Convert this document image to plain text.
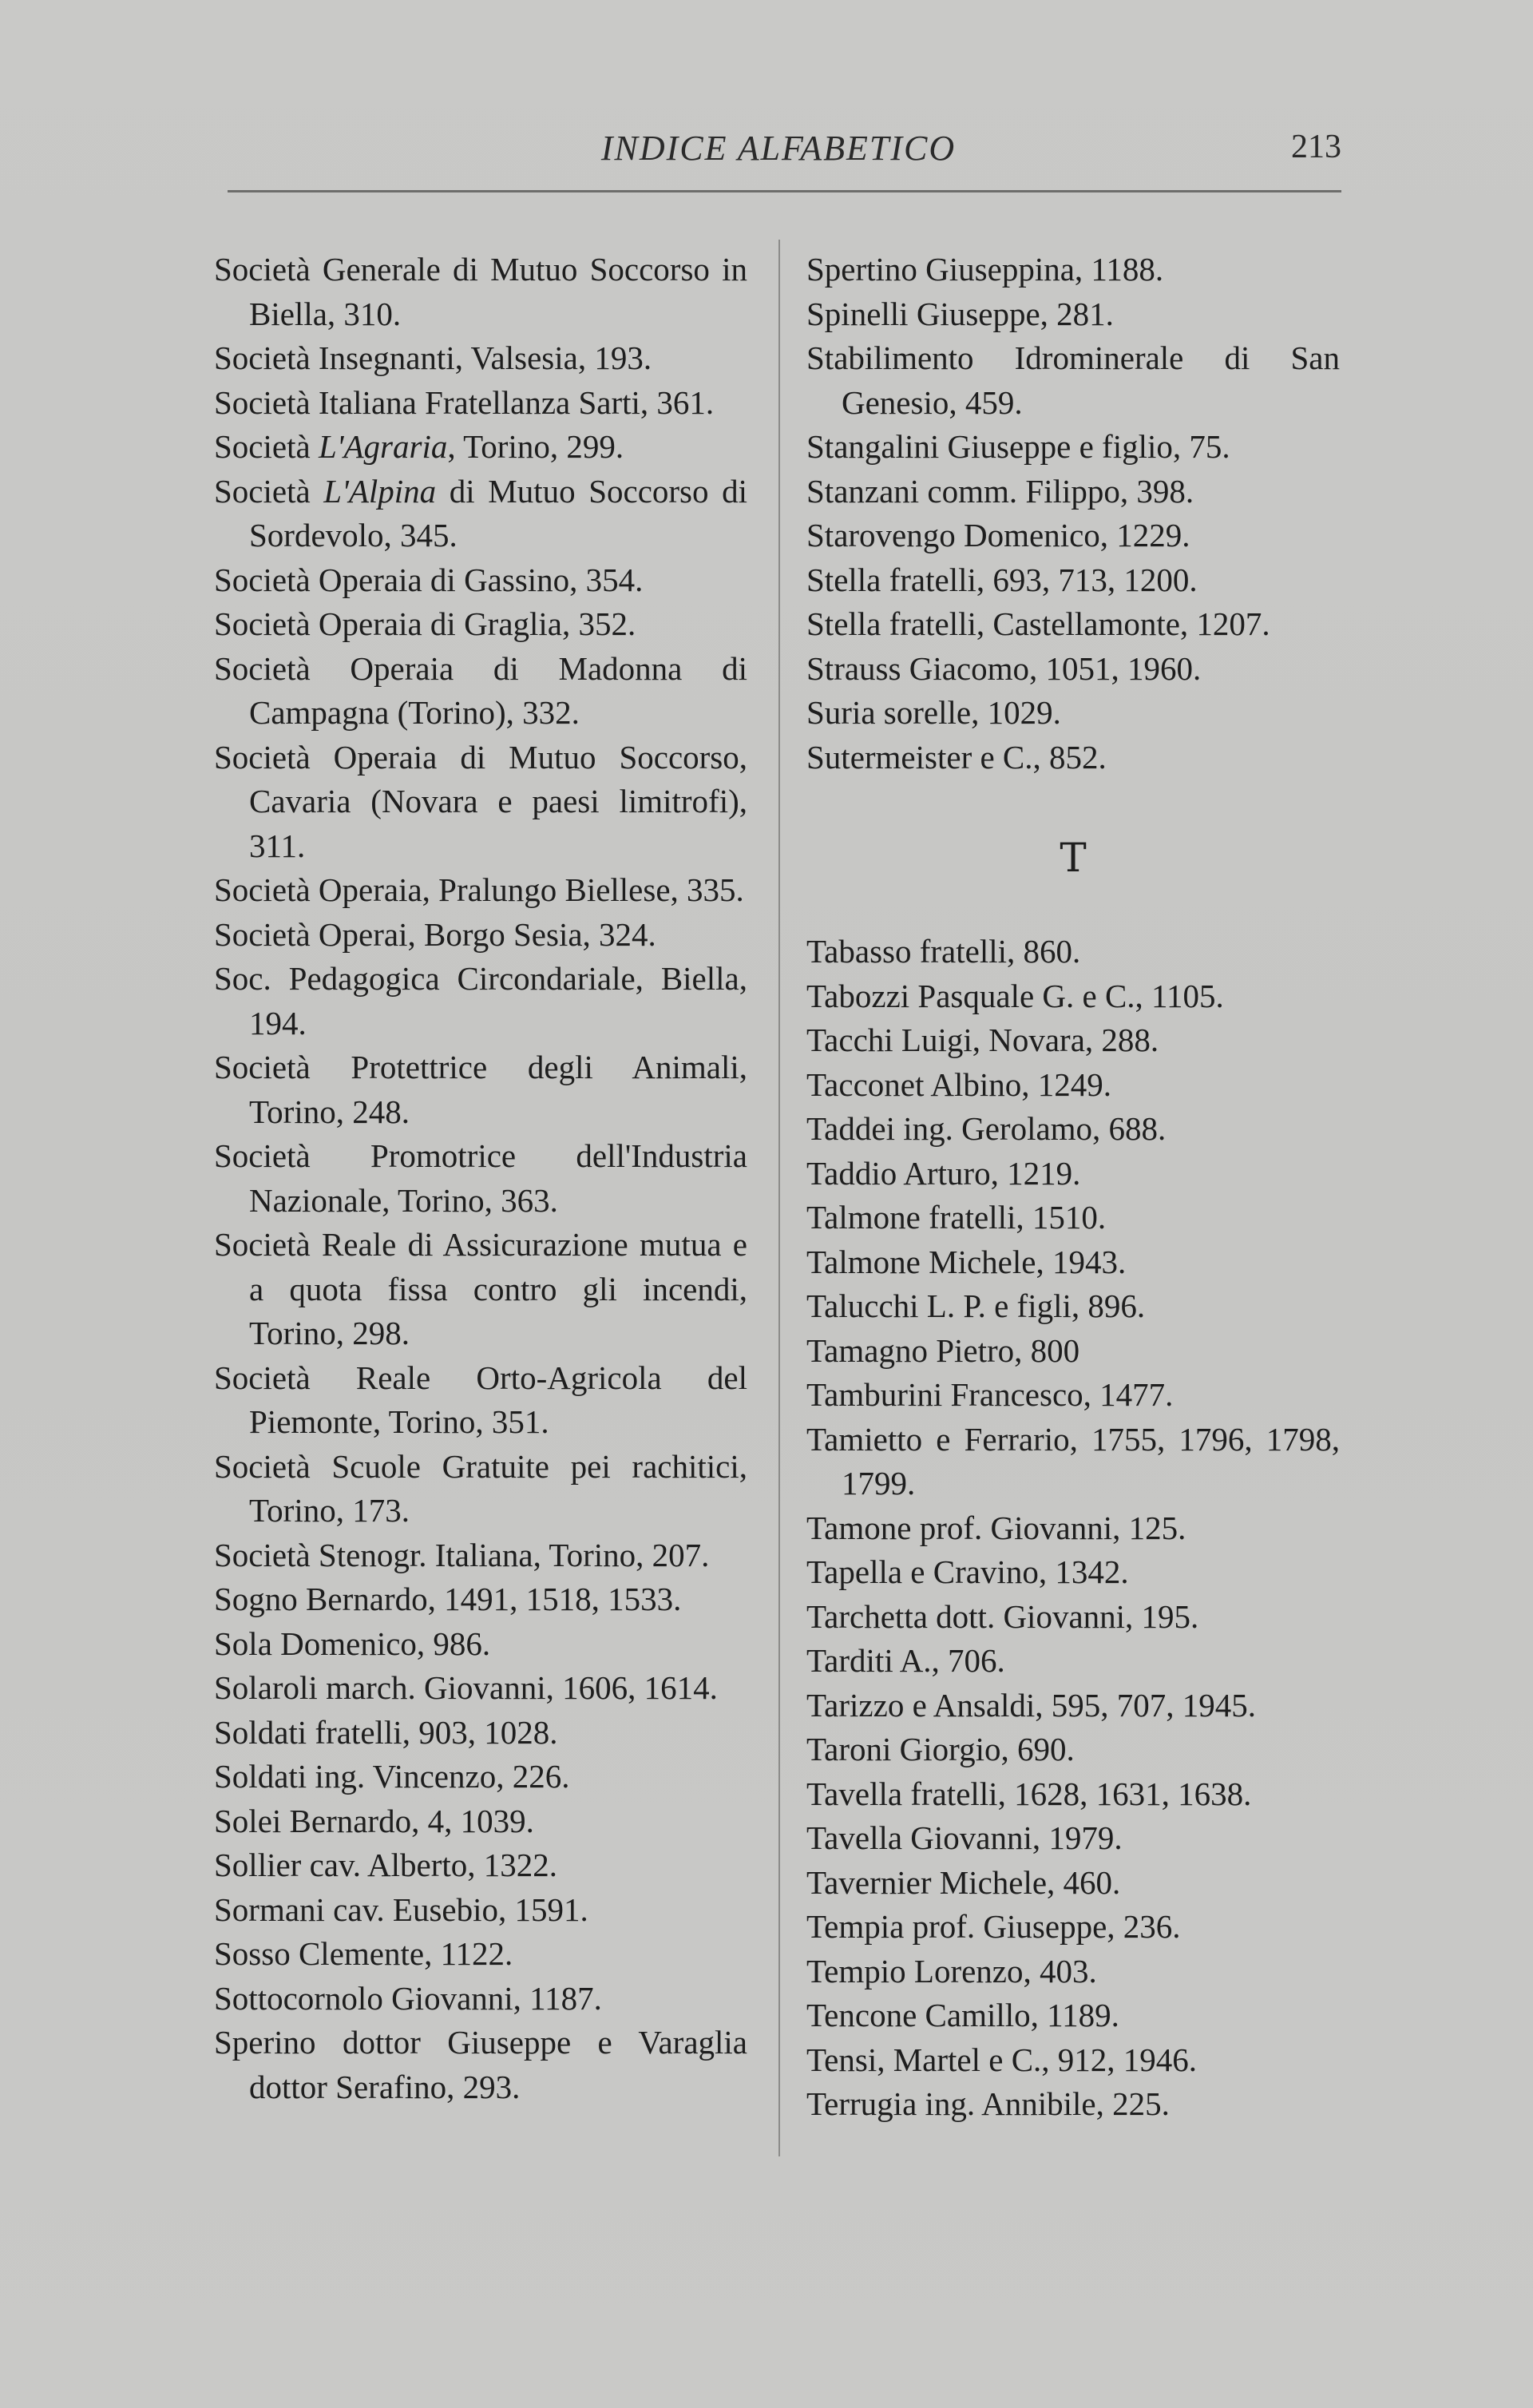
INDICE ALFABETICO	213

Società Generale di Mutuo Soccorso in Biella, 310.

Società Insegnanti, Valsesia, 193.

Società Italiana Fratellanza Sarti, 361.

Società L'Agraria, Torino, 299.

Società L'Alpina di Mutuo Soccorso di Sordevolo, 345.

Società Operaia di Gassino, 354.

Società Operaia di Graglia, 352.

Società Operaia di Madonna di Campagna (Torino), 332.

Società Operaia di Mutuo Soccorso, Cavaria (Novara e paesi limitrofi), 311.

Società Operaia, Pralungo Biellese, 335.

Società Operai, Borgo Sesia, 324.

Soc. Pedagogica Circondariale, Biella, 194.

Società Protettrice degli Animali, Torino, 248.

Società Promotrice dell'Industria Nazionale, Torino, 363.

Società Reale di Assicurazione mutua e a quota fissa contro gli incendi, Torino, 298.

Società Reale Orto-Agricola del Piemonte, Torino, 351.

Società Scuole Gratuite pei rachitici, Torino, 173.

Società Stenogr. Italiana, Torino, 207.

Sogno Bernardo, 1491, 1518, 1533.

Sola Domenico, 986.

Solaroli march. Giovanni, 1606, 1614.

Soldati fratelli, 903, 1028.

Soldati ing. Vincenzo, 226.

Solei Bernardo, 4, 1039.

Sollier cav. Alberto, 1322.

Sormani cav. Eusebio, 1591.

Sosso Clemente, 1122.

Sottocornolo Giovanni, 1187.

Sperino dottor Giuseppe e Varaglia dottor Serafino, 293.

Spertino Giuseppina, 1188.

Spinelli Giuseppe, 281.

Stabilimento Idrominerale di San Genesio, 459.

Stangalini Giuseppe e figlio, 75.

Stanzani comm. Filippo, 398.

Starovengo Domenico, 1229.

Stella fratelli, 693, 713, 1200.

Stella fratelli, Castellamonte, 1207.

Strauss Giacomo, 1051, 1960.

Suria sorelle, 1029.

Sutermeister e C., 852.

T

Tabasso fratelli, 860.

Tabozzi Pasquale G. e C., 1105.

Tacchi Luigi, Novara, 288.

Tacconet Albino, 1249.

Taddei ing. Gerolamo, 688.

Taddio Arturo, 1219.

Talmone fratelli, 1510.

Talmone Michele, 1943.

Talucchi L. P. e figli, 896.

Tamagno Pietro, 800

Tamburini Francesco, 1477.

Tamietto e Ferrario, 1755, 1796, 1798, 1799.

Tamone prof. Giovanni, 125.

Tapella e Cravino, 1342.

Tarchetta dott. Giovanni, 195.

Tarditi A., 706.

Tarizzo e Ansaldi, 595, 707, 1945.

Taroni Giorgio, 690.

Tavella fratelli, 1628, 1631, 1638.

Tavella Giovanni, 1979.

Tavernier Michele, 460.

Tempia prof. Giuseppe, 236.

Tempio Lorenzo, 403.

Tencone Camillo, 1189.

Tensi, Martel e C., 912, 1946.

Terrugia ing. Annibile, 225.
